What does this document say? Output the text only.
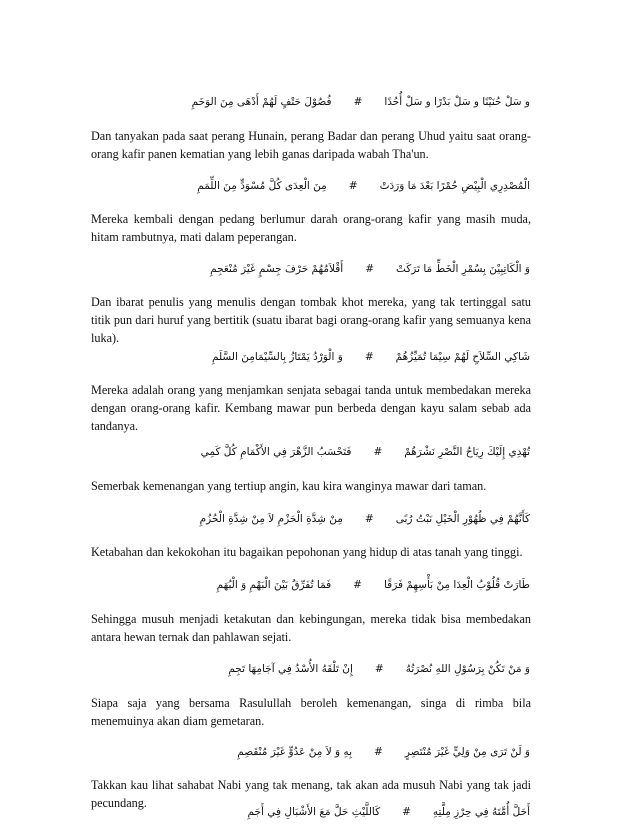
و سَلْ حُنَيْنًا و سَلْ بَدْرًا و سَلْ أُحُدًا#فُصُوْلَ حَتْفٍ لَهُمْ أَدْهَى مِنَ الوَخَمِ
Dan tanyakan pada saat perang Hunain, perang Badar dan perang Uhud yaitu saat orang-orang kafir panen kematian yang lebih ganas daripada wabah Tha'un.
الْمُصْدِرِي الْبِيْضِ حُمْرًا بَعْدَ مَا وَرَدَتْ#مِنَ الْعِدَى كُلَّ مُسْوَدٍّ مِنَ اللِّمَمِ
Mereka kembali dengan pedang berlumur darah orang-orang kafir yang masih muda, hitam rambutnya, mati dalam peperangan.
وَ الْكَاتِبِيْنَ بِسُمْرِ الْخَطِّ مَا تَرَكَتْ#أَقْلاَمُهُمْ حَرْفَ جِسْمٍ غَيْرَ مُنْعَجِمِ
Dan ibarat penulis yang menulis dengan tombak khot mereka, yang tak tertinggal satu titik pun dari huruf yang bertitik (suatu ibarat bagi orang-orang kafir yang semuanya kena luka).
شَاكِي السِّلاَحِ لَهُمْ سِيْمَا تُمَيِّزُهُمْ#وَ الْوَرْدُ يَمْتَازُ بِالسِّيْمَامِنَ السَّلَمِ
Mereka adalah orang yang menjamkan senjata sebagai tanda untuk membedakan mereka dengan orang-orang kafir. Kembang mawar pun berbeda dengan kayu salam sebab ada tandanya.
تُهْدِي إِلَيْكَ رِيَاحُ النَّصْرِ نَشْرَهُمْ#فَتَحْسَبُ الزَّهْرَ فِي الأَكْمَامِ كُلَّ كَمِي
Semerbak kemenangan yang tertiup angin, kau kira wanginya mawar dari taman.
كَأَنَّهُمْ فِي ظُهُوْرِ الْخَيْلِ نَبْتُ رُبًى#مِنْ شِدَّةِ الْحَزْمِ لاَ مِنْ شِدَّةِ الْحُزُمِ
Ketabahan dan kekokohan itu bagaikan pepohonan yang hidup di atas tanah yang tinggi.
طَارَتْ قُلُوْبُ الْعِدَا مِنْ بَأْسِهِمْ فَرَقًا#فَمَا تُفَرِّقُ بَيْنَ الْبَهْمِ وَ الْبُهَمِ
Sehingga musuh menjadi ketakutan dan kebingungan, mereka tidak bisa membedakan antara hewan ternak dan pahlawan sejati.
وَ مَنْ تَكُنْ بِرَسُوْلِ اللهِ نُصْرَتُهُ#إِنْ تَلْقَهُ الأُسْدُ فِي آجَامِهَا تَجِمِ
Siapa saja yang bersama Rasulullah beroleh kemenangan, singa di rimba bila menemuinya akan diam gemetaran.
وَ لَنْ تَرَى مِنْ وَلِيٍّ غَيْرَ مُنْتَصِرٍ#بِهِ وَ لاَ مِنْ عَدُوٍّ غَيْرَ مُنْقَصِمِ
Takkan kau lihat sahabat Nabi yang tak menang, tak akan ada musuh Nabi yang tak jadi pecundang.
أَحَلَّ أُمَّتَهُ فِي حِرْزِ مِلَّتِهِ#كَاللَّيْثِ حَلَّ مَعَ الأَشْبَالِ فِي أَجَمِ
